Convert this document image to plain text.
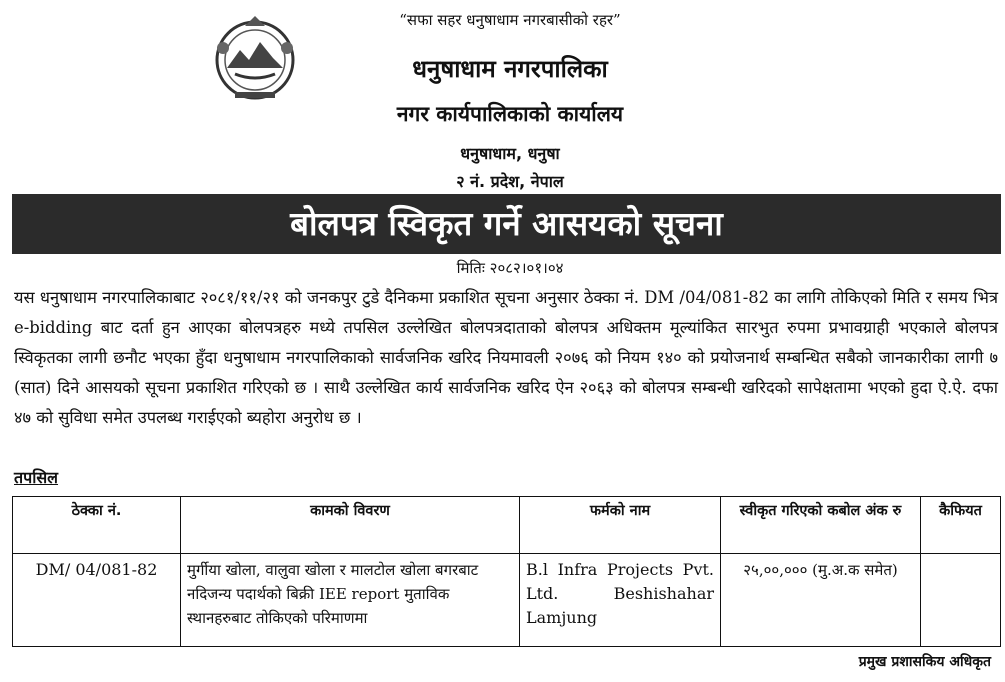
“सफा सहर धनुषाधाम नगरबासीको रहर”
धनुषाधाम नगरपालिका
नगर कार्यपालिकाको कार्यालय
धनुषाधाम, धनुषा
२ नं. प्रदेश, नेपाल
बोलपत्र स्विकृत गर्ने आसयको सूचना
मितिः २०८२।०१।०४

यस धनुषाधाम नगरपालिकाबाट २०८१/११/२१ को जनकपुर टुडे दैनिकमा प्रकाशित सूचना अनुसार ठेक्का नं. DM /04/081-82 का लागि तोकिएको मिति र समय भित्र e-bidding बाट दर्ता हुन आएका बोलपत्रहरु मध्ये तपसिल उल्लेखित बोलपत्रदाताको बोलपत्र अधिक्तम मूल्यांकित सारभुत रुपमा प्रभावग्राही भएकाले बोलपत्र स्विकृतका लागी छनौट भएका हुँदा धनुषाधाम नगरपालिकाको सार्वजनिक खरिद नियमावली २०७६ को नियम १४० को प्रयोजनार्थ सम्बन्धित सबैको जानकारीका लागी ७ (सात) दिने आसयको सूचना प्रकाशित गरिएको छ । साथै उल्लेखित कार्य सार्वजनिक खरिद ऐन २०६३ को बोलपत्र सम्बन्धी खरिदको सापेक्षतामा भएको हुदा ऐ.ऐ. दफा ४७ को सुविधा समेत उपलब्ध गराईएको ब्यहोरा अनुरोध छ ।

तपसिल
ठेक्का नं.	कामको विवरण	फर्मको नाम	स्वीकृत गरिएको कबोल अंक रु	कैफियत
DM/ 04/081-82	मुर्गीया खोला, वालुवा खोला र मालटोल खोला बगरबाट नदिजन्य पदार्थको बिक्री IEE report मुताविक स्थानहरुबाट तोकिएको परिमाणमा	B.l Infra Projects Pvt. Ltd. Beshishahar Lamjung	२५,००,००० (मु.अ.क समेत)	
प्रमुख प्रशासकिय अधिकृत
